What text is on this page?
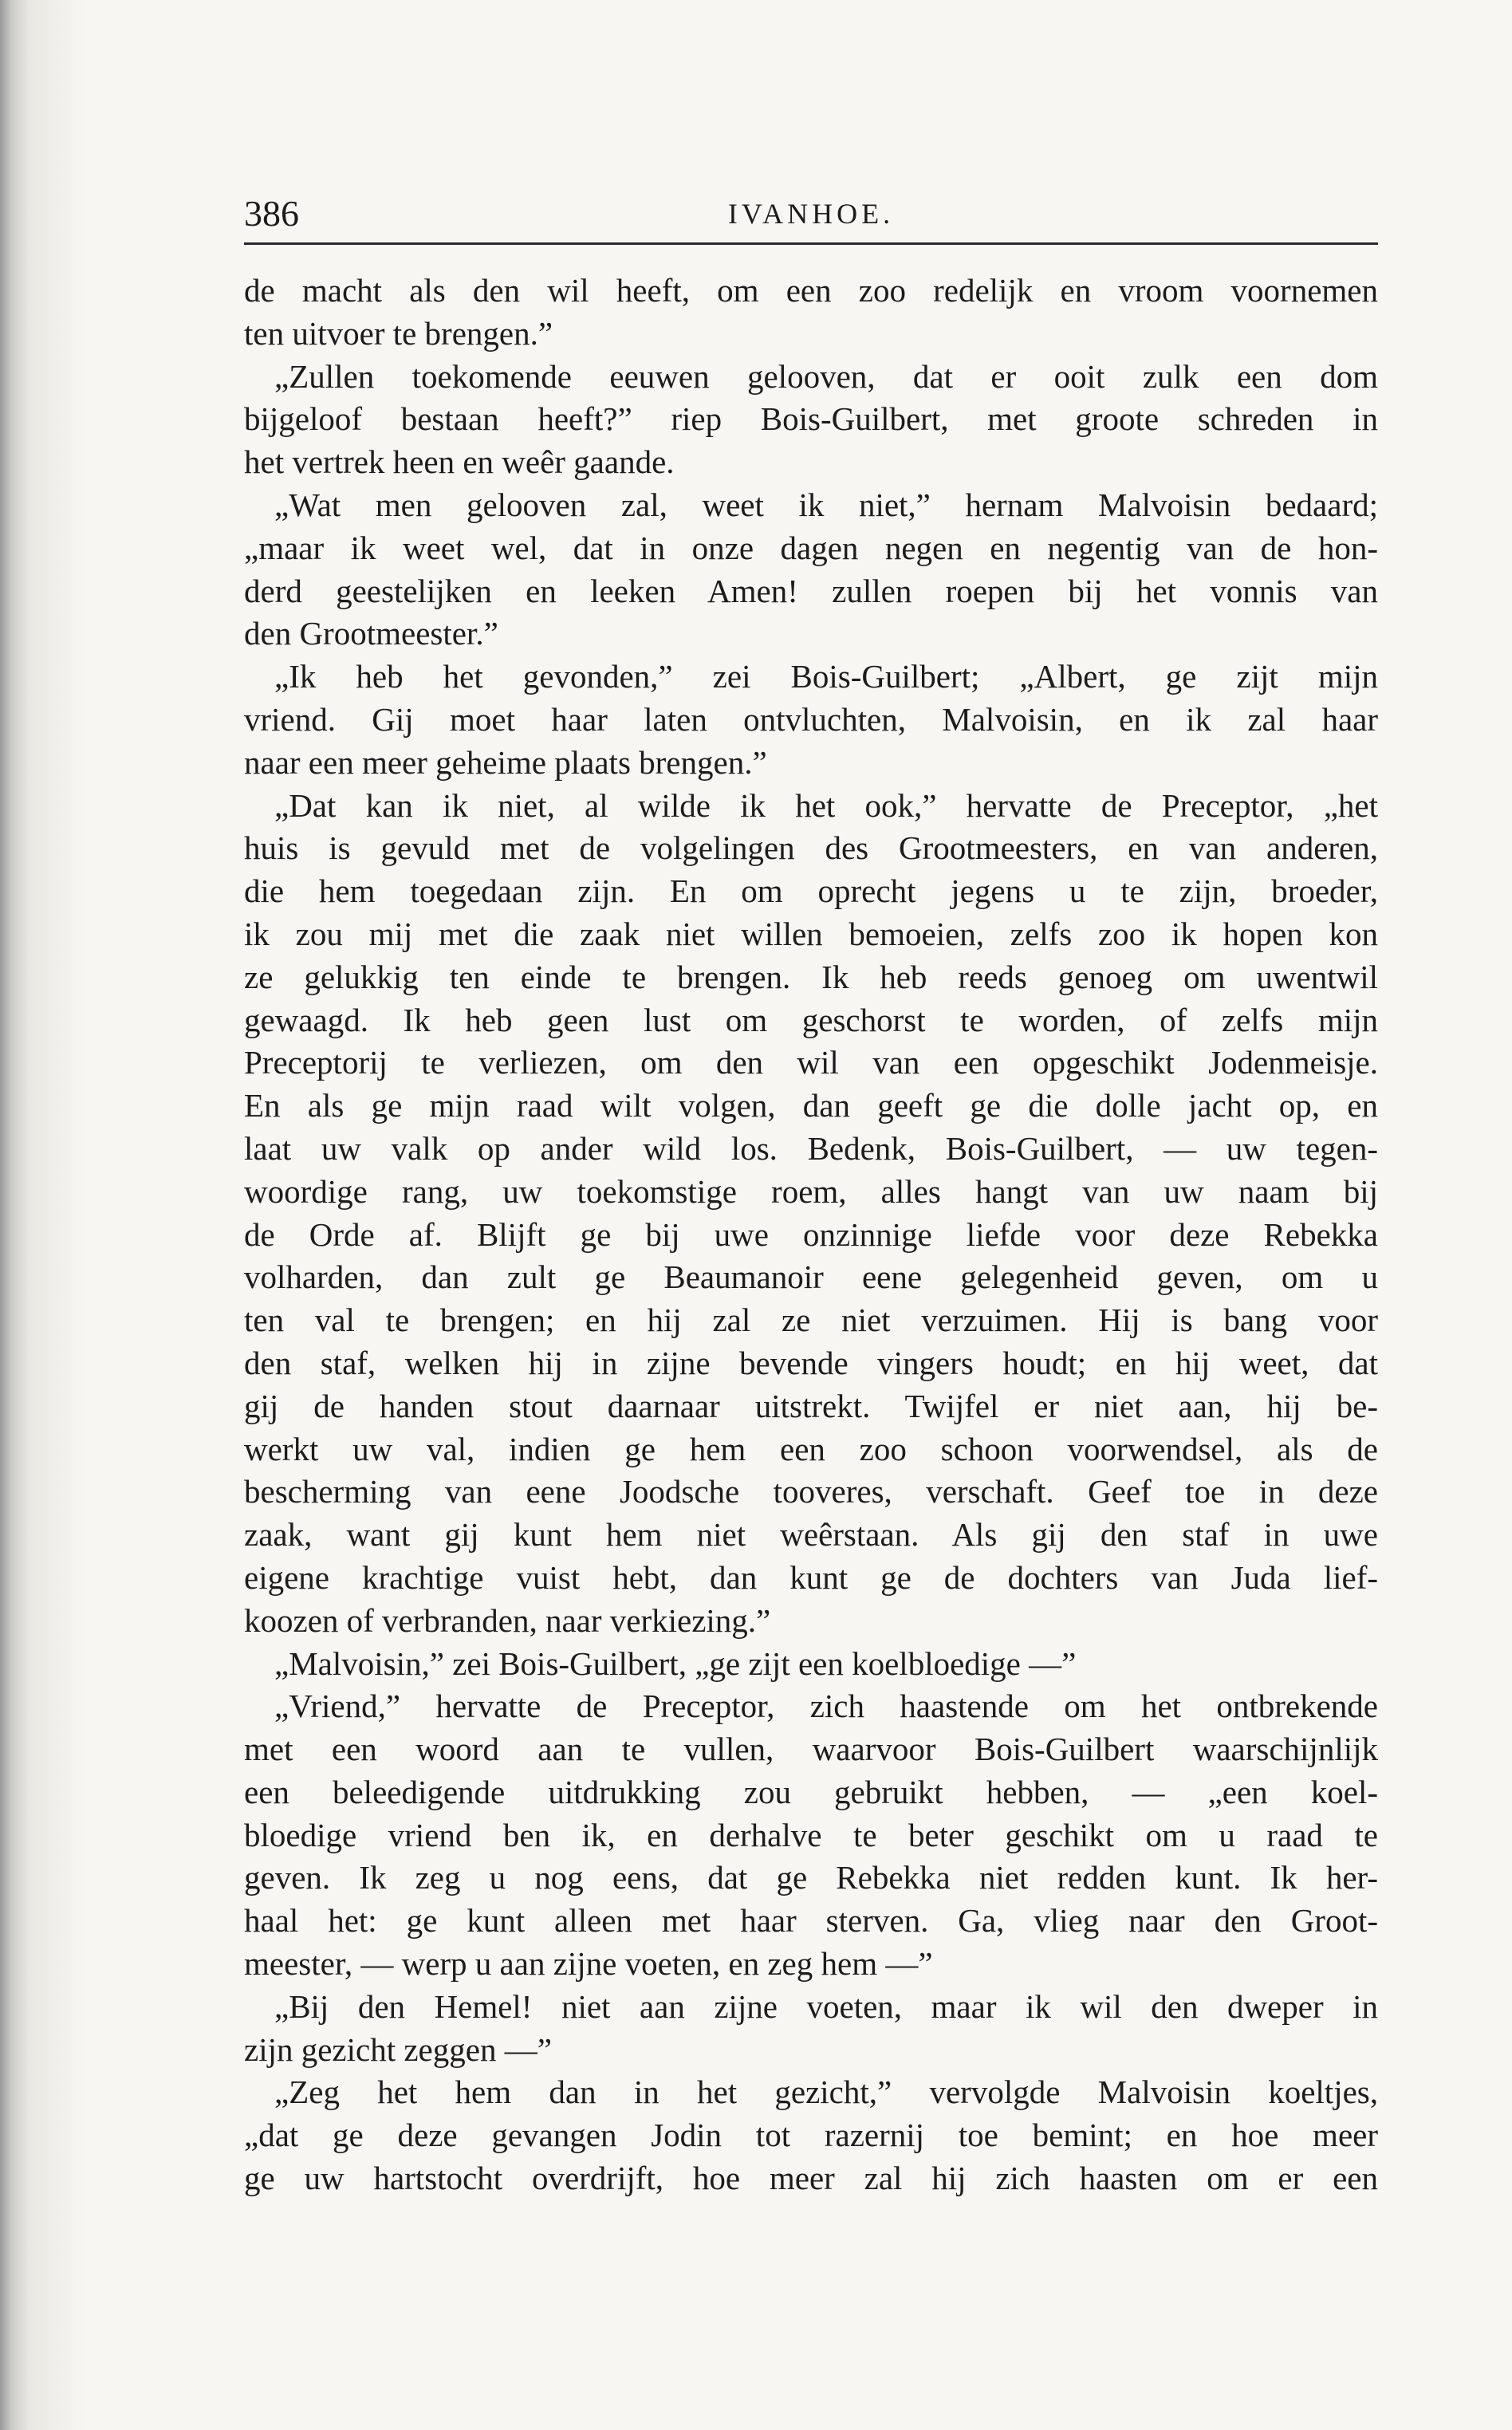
386	IVANHOE.
de macht als den wil heeft, om een zoo redelijk en vroom voornemen
ten uitvoer te brengen.”
„Zullen toekomende eeuwen gelooven, dat er ooit zulk een dom
bijgeloof bestaan heeft?” riep Bois-Guilbert, met groote schreden in
het vertrek heen en weêr gaande.
„Wat men gelooven zal, weet ik niet,” hernam Malvoisin bedaard;
„maar ik weet wel, dat in onze dagen negen en negentig van de hon-
derd geestelijken en leeken Amen! zullen roepen bij het vonnis van
den Grootmeester.”
„Ik heb het gevonden,” zei Bois-Guilbert; „Albert, ge zijt mijn
vriend. Gij moet haar laten ontvluchten, Malvoisin, en ik zal haar
naar een meer geheime plaats brengen.”
„Dat kan ik niet, al wilde ik het ook,” hervatte de Preceptor, „het
huis is gevuld met de volgelingen des Grootmeesters, en van anderen,
die hem toegedaan zijn. En om oprecht jegens u te zijn, broeder,
ik zou mij met die zaak niet willen bemoeien, zelfs zoo ik hopen kon
ze gelukkig ten einde te brengen. Ik heb reeds genoeg om uwentwil
gewaagd. Ik heb geen lust om geschorst te worden, of zelfs mijn
Preceptorij te verliezen, om den wil van een opgeschikt Jodenmeisje.
En als ge mijn raad wilt volgen, dan geeft ge die dolle jacht op, en
laat uw valk op ander wild los. Bedenk, Bois-Guilbert, — uw tegen-
woordige rang, uw toekomstige roem, alles hangt van uw naam bij
de Orde af. Blijft ge bij uwe onzinnige liefde voor deze Rebekka
volharden, dan zult ge Beaumanoir eene gelegenheid geven, om u
ten val te brengen; en hij zal ze niet verzuimen. Hij is bang voor
den staf, welken hij in zijne bevende vingers houdt; en hij weet, dat
gij de handen stout daarnaar uitstrekt. Twijfel er niet aan, hij be-
werkt uw val, indien ge hem een zoo schoon voorwendsel, als de
bescherming van eene Joodsche tooveres, verschaft. Geef toe in deze
zaak, want gij kunt hem niet weêrstaan. Als gij den staf in uwe
eigene krachtige vuist hebt, dan kunt ge de dochters van Juda lief-
koozen of verbranden, naar verkiezing.”
„Malvoisin,” zei Bois-Guilbert, „ge zijt een koelbloedige —”
„Vriend,” hervatte de Preceptor, zich haastende om het ontbrekende
met een woord aan te vullen, waarvoor Bois-Guilbert waarschijnlijk
een beleedigende uitdrukking zou gebruikt hebben, — „een koel-
bloedige vriend ben ik, en derhalve te beter geschikt om u raad te
geven. Ik zeg u nog eens, dat ge Rebekka niet redden kunt. Ik her-
haal het: ge kunt alleen met haar sterven. Ga, vlieg naar den Groot-
meester, — werp u aan zijne voeten, en zeg hem —”
„Bij den Hemel! niet aan zijne voeten, maar ik wil den dweper in
zijn gezicht zeggen —”
„Zeg het hem dan in het gezicht,” vervolgde Malvoisin koeltjes,
„dat ge deze gevangen Jodin tot razernij toe bemint; en hoe meer
ge uw hartstocht overdrijft, hoe meer zal hij zich haasten om er een
